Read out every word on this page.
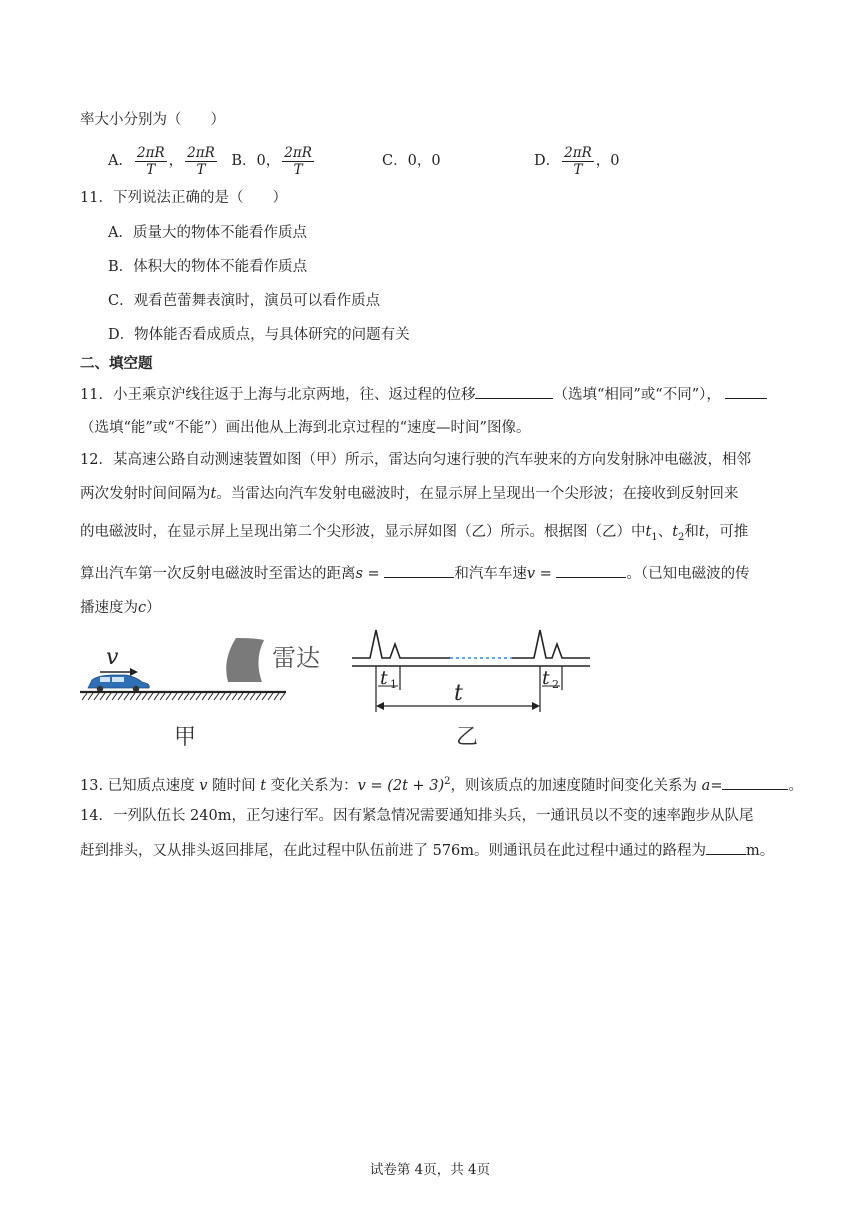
率大小分别为（　　）
A． $\frac{2\pi R}{T}$ ， $\frac{2\pi R}{T}$ B．0， $\frac{2\pi R}{T}$	C．0，0	D． $\frac{2\pi R}{T}$ ，0
11．下列说法正确的是（　　）
A．质量大的物体不能看作质点
B．体积大的物体不能看作质点
C．观看芭蕾舞表演时，演员可以看作质点
D．物体能否看成质点，与具体研究的问题有关
二、填空题
11．小王乘京沪线往返于上海与北京两地，往、返过程的位移	（选填“相同”或“不同”），
（选填“能”或“不能”）画出他从上海到北京过程的“速度—时间”图像。
12．某高速公路自动测速装置如图（甲）所示，雷达向匀速行驶的汽车驶来的方向发射脉冲电磁波，相邻
两次发射时间间隔为t。当雷达向汽车发射电磁波时，在显示屏上呈现出一个尖形波；在接收到反射回来
的电磁波时，在显示屏上呈现出第二个尖形波，显示屏如图（乙）所示。根据图（乙）中$t_1$、$t_2$和t，可推
算出汽车第一次反射电磁波时至雷达的距离s =	和汽车车速v =	。（已知电磁波的传
播速度为c）
v	雷达
甲
t 1	t
t 2
乙
13. 已知质点速度 v 随时间 t 变化关系为：$v = (2t + 3)^2$，则该质点的加速度随时间变化关系为 a=	。
14．一列队伍长 240m，正匀速行军。因有紧急情况需要通知排头兵，一通讯员以不变的速率跑步从队尾
赶到排头，又从排头返回排尾，在此过程中队伍前进了 576m。则通讯员在此过程中通过的路程为	m。
试卷第 4页，共 4页
